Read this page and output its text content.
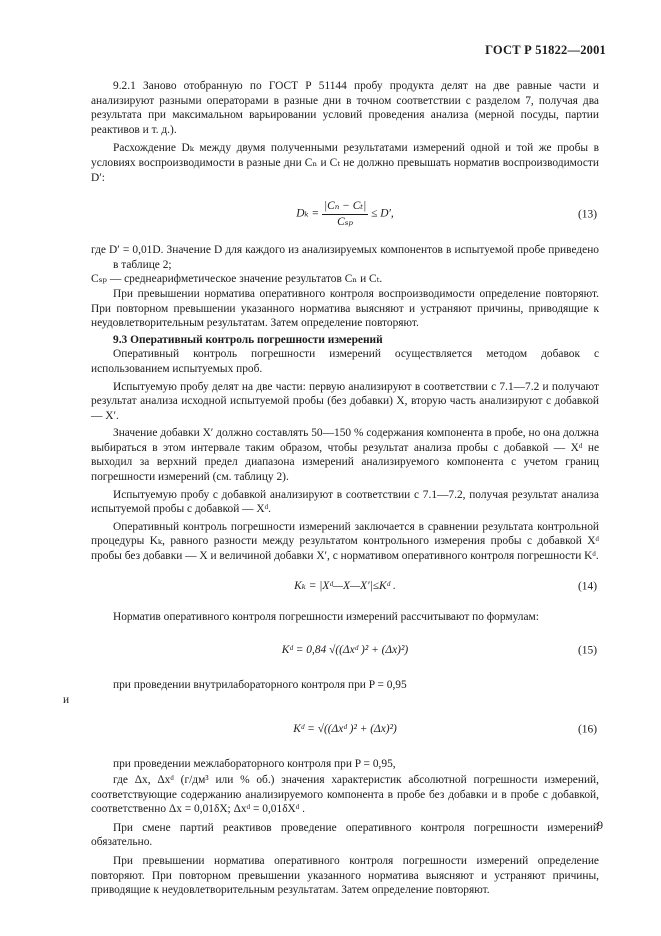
ГОСТ Р 51822—2001

9.2.1 Заново отобранную по ГОСТ Р 51144 пробу продукта делят на две равные части и анализируют разными операторами в разные дни в точном соответствии с разделом 7, получая два результата при максимальном варьировании условий проведения анализа (мерной посуды, партии реактивов и т. д.).

Расхождение Dₖ между двумя полученными результатами измерений одной и той же пробы в условиях воспроизводимости в разные дни Cₙ и Cₜ не должно превышать норматив воспроизводимости D′:

$D_k = \frac{\text{|Cₙ − Cₜ|}}{\text{Cₛₚ}} \le D'$,	(13)

где D′ = 0,01D. Значение D для каждого из анализируемых компонентов в испытуемой пробе приведено в таблице 2;

Cₛₚ — среднеарифметическое значение результатов Cₙ и Cₜ.

При превышении норматива оперативного контроля воспроизводимости определение повторяют. При повторном превышении указанного норматива выясняют и устраняют причины, приводящие к неудовлетворительным результатам. Затем определение повторяют.

9.3 Оперативный контроль погрешности измерений

Оперативный контроль погрешности измерений осуществляется методом добавок с использованием испытуемых проб.

Испытуемую пробу делят на две части: первую анализируют в соответствии с 7.1—7.2 и получают результат анализа исходной испытуемой пробы (без добавки) X, вторую часть анализируют с добавкой — X′.

Значение добавки X′ должно составлять 50—150 % содержания компонента в пробе, но она должна выбираться в этом интервале таким образом, чтобы результат анализа пробы с добавкой — Xᵈ не выходил за верхний предел диапазона измерений анализируемого компонента с учетом границ погрешности измерений (см. таблицу 2).

Испытуемую пробу с добавкой анализируют в соответствии с 7.1—7.2, получая результат анализа испытуемой пробы с добавкой — Xᵈ.

Оперативный контроль погрешности измерений заключается в сравнении результата контрольной процедуры Kₖ, равного разности между результатом контрольного измерения пробы с добавкой Xᵈ пробы без добавки — X и величиной добавки X′, с нормативом оперативного контроля погрешности Kᵈ.

Kₖ = |Xᵈ—X—X′|≤Kᵈ .	(14)

Норматив оперативного контроля погрешности измерений рассчитывают по формулам:

Kᵈ = 0,84 √((Δxᵈ )² + (Δx)²)	(15)

при проведении внутрилабораторного контроля при P = 0,95

и

Kᵈ = √((Δxᵈ )² + (Δx)²)	(16)

при проведении межлабораторного контроля при P = 0,95,

где Δx, Δxᵈ (г/дм³ или % об.) значения характеристик абсолютной погрешности измерений, соответствующие содержанию анализируемого компонента в пробе без добавки и в пробе с добавкой, соответственно Δx = 0,01δX; Δxᵈ = 0,01δXᵈ .

При смене партий реактивов проведение оперативного контроля погрешности измерений обязательно.

При превышении норматива оперативного контроля погрешности измерений определение повторяют. При повторном превышении указанного норматива выясняют и устраняют причины, приводящие к неудовлетворительным результатам. Затем определение повторяют.

9
